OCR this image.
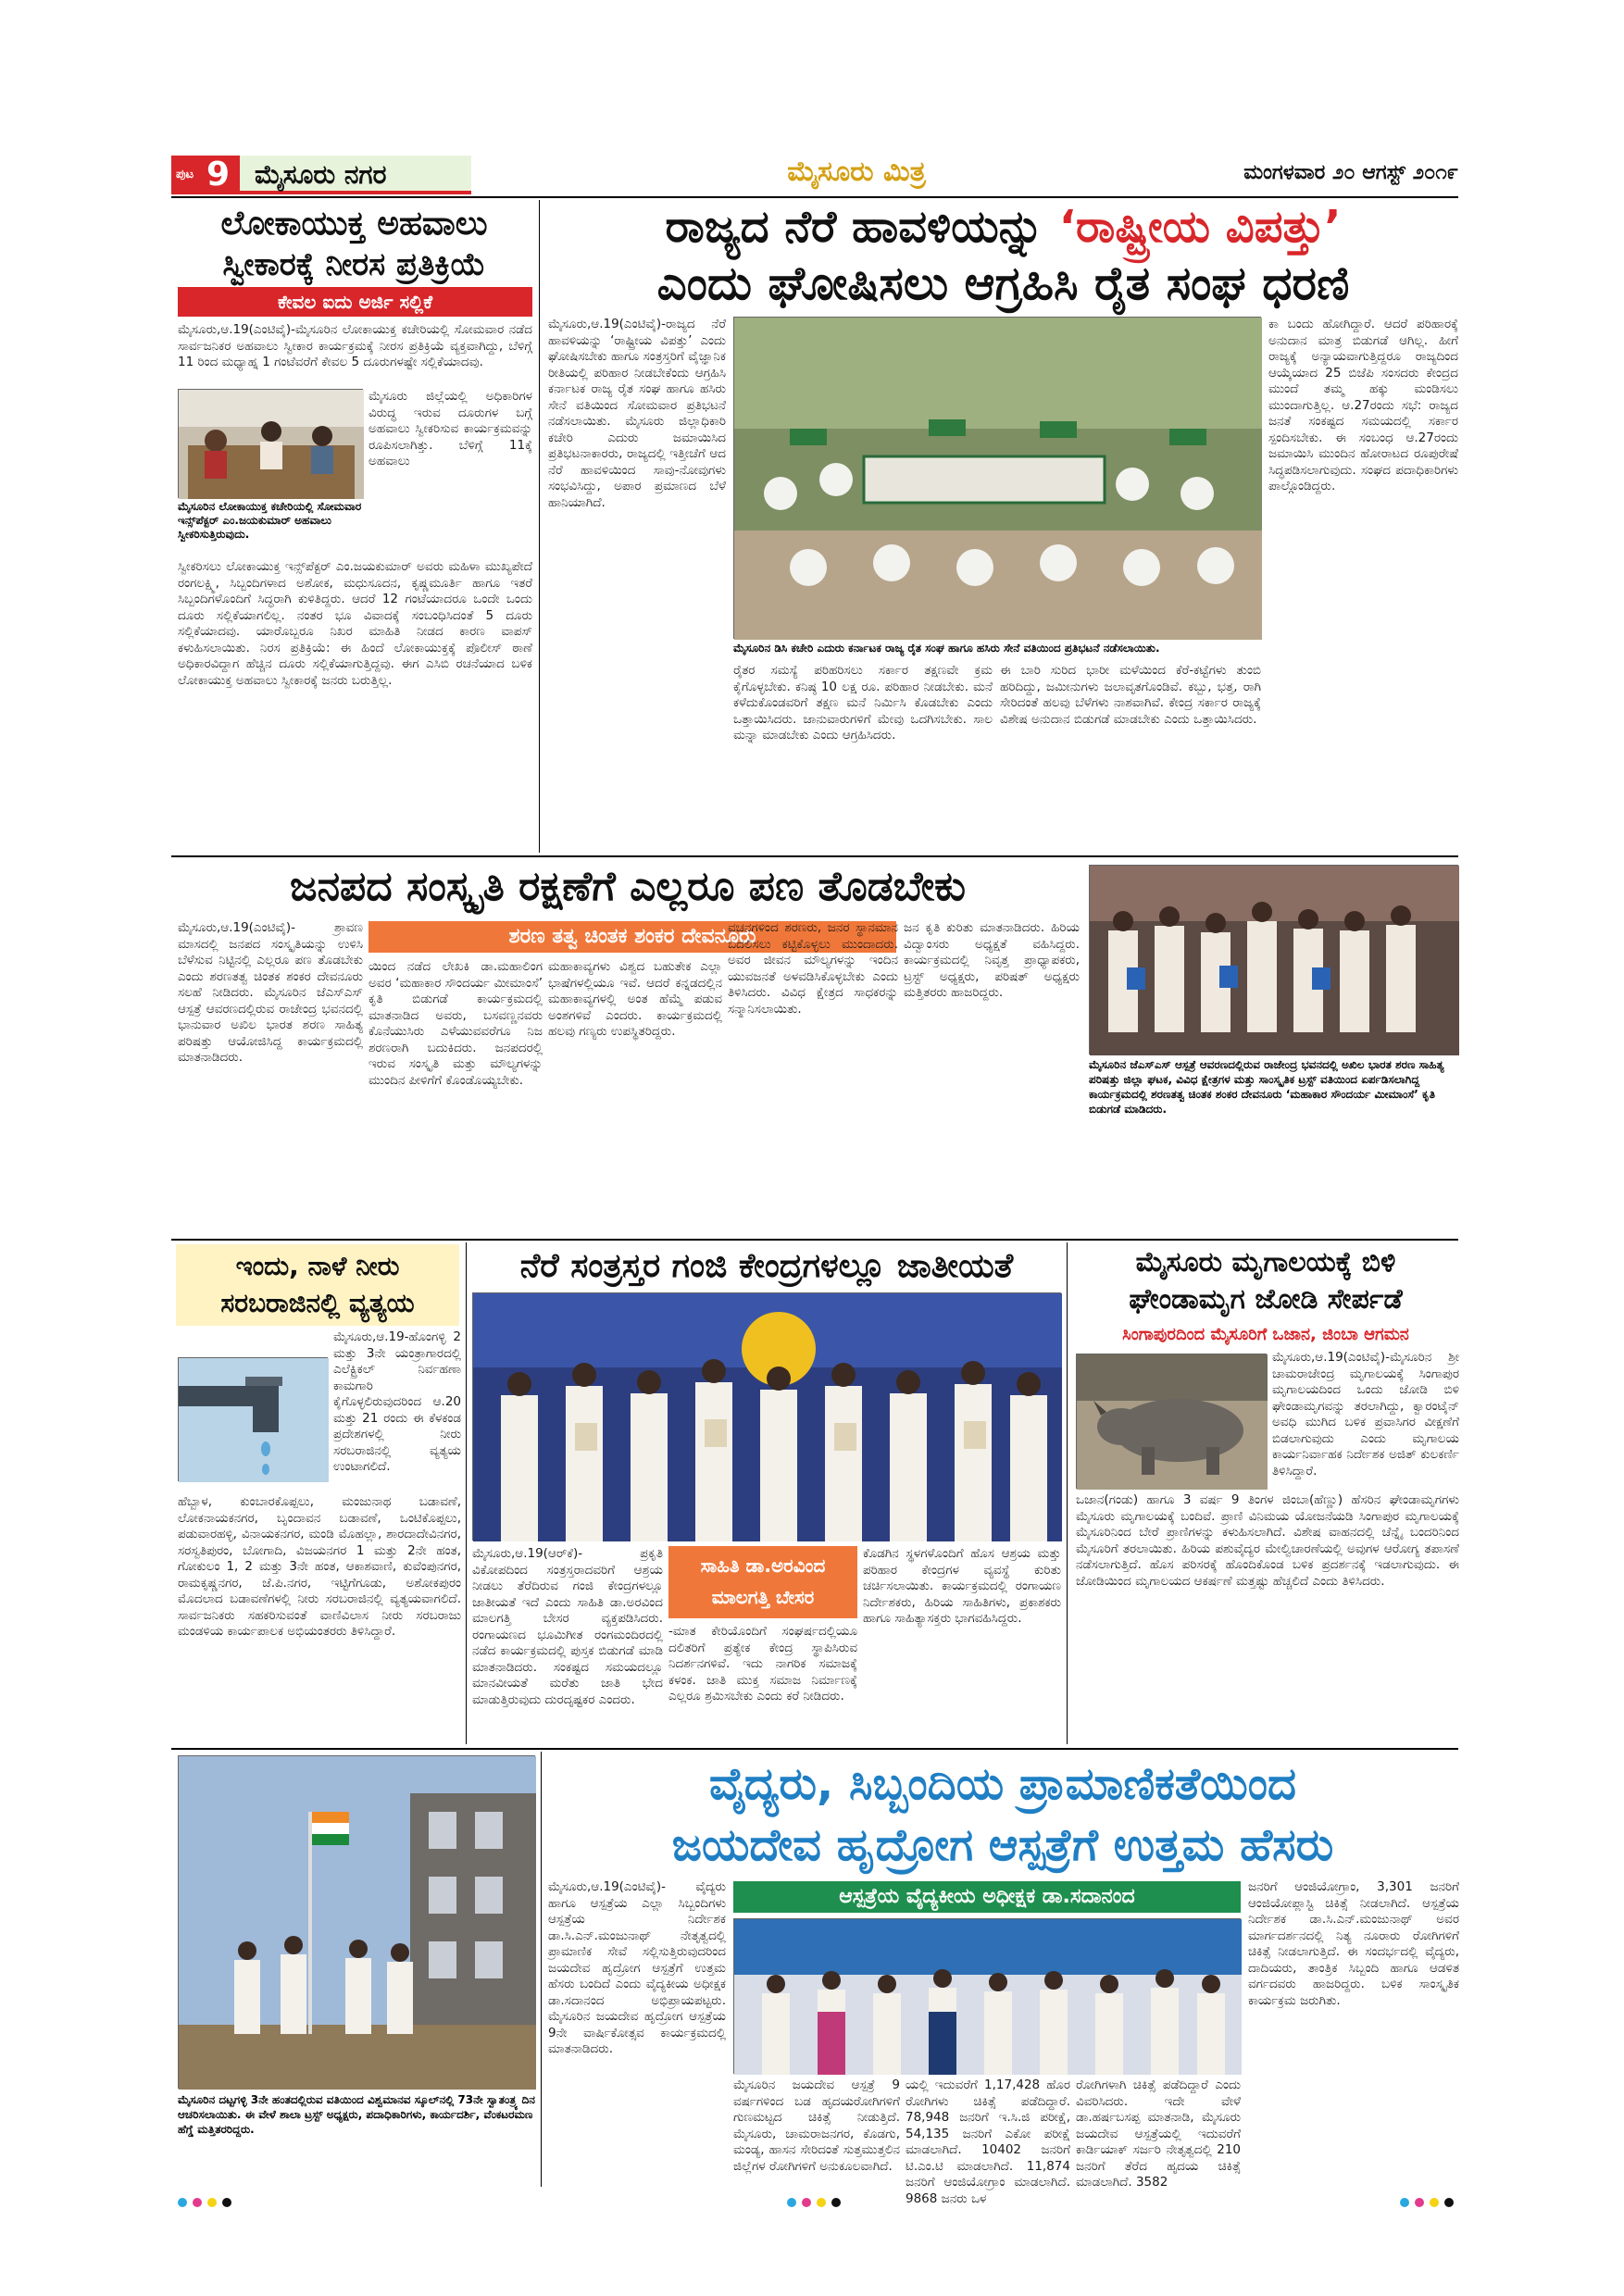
ಪುಟ 9 ಮೈಸೂರು ನಗರ	ಮೈಸೂರು ಮಿತ್ರ	ಮಂಗಳವಾರ ೨೦ ಆಗಸ್ಟ್ ೨೦೧೯
ಲೋಕಾಯುಕ್ತ ಅಹವಾಲು
ಸ್ವೀಕಾರಕ್ಕೆ ನೀರಸ ಪ್ರತಿಕ್ರಿಯೆ
ಕೇವಲ ಐದು ಅರ್ಜಿ ಸಲ್ಲಿಕೆ
ಮೈಸೂರು,ಆ.19(ಎಂಟಿವೈ)-ಮೈಸೂರಿನ ಲೋಕಾಯುಕ್ತ ಕಚೇರಿಯಲ್ಲಿ ಸೋಮವಾರ ನಡೆದ ಸಾರ್ವಜನಿಕರ ಅಹವಾಲು ಸ್ವೀಕಾರ ಕಾರ್ಯಕ್ರಮಕ್ಕೆ ನೀರಸ ಪ್ರತಿಕ್ರಿಯೆ ವ್ಯಕ್ತವಾಗಿದ್ದು, ಬೆಳಿಗ್ಗೆ 11 ರಿಂದ ಮಧ್ಯಾಹ್ನ 1 ಗಂಟೆವರೆಗೆ ಕೇವಲ 5 ದೂರುಗಳಷ್ಟೇ ಸಲ್ಲಿಕೆಯಾದವು.
ಮೈಸೂರು ಜಿಲ್ಲೆಯಲ್ಲಿ ಅಧಿಕಾರಿಗಳ ವಿರುದ್ಧ ಇರುವ ದೂರುಗಳ ಬಗ್ಗೆ ಅಹವಾಲು ಸ್ವೀಕರಿಸುವ ಕಾರ್ಯಕ್ರಮವನ್ನು ರೂಪಿಸಲಾಗಿತ್ತು. ಬೆಳಿಗ್ಗೆ 11ಕ್ಕೆ ಅಹವಾಲು
ಮೈಸೂರಿನ ಲೋಕಾಯುಕ್ತ ಕಚೇರಿಯಲ್ಲಿ ಸೋಮವಾರ ಇನ್ಸ್‌ಪೆಕ್ಟರ್ ಎಂ.ಜಯಕುಮಾರ್ ಅಹವಾಲು ಸ್ವೀಕರಿಸುತ್ತಿರುವುದು.
ಸ್ವೀಕರಿಸಲು ಲೋಕಾಯುಕ್ತ ಇನ್ಸ್‌ಪೆಕ್ಟರ್ ಎಂ.ಜಯಕುಮಾರ್ ಅವರು ಮಹಿಳಾ ಮುಖ್ಯಪೇದೆ ರಂಗಲಕ್ಷ್ಮಿ, ಸಿಬ್ಬಂದಿಗಳಾದ ಅಶೋಕ, ಮಧುಸೂದನ, ಕೃಷ್ಣಮೂರ್ತಿ ಹಾಗೂ ಇತರೆ ಸಿಬ್ಬಂದಿಗಳೊಂದಿಗೆ ಸಿದ್ಧರಾಗಿ ಕುಳಿತಿದ್ದರು. ಆದರೆ 12 ಗಂಟೆಯಾದರೂ ಒಂದೇ ಒಂದು ದೂರು ಸಲ್ಲಿಕೆಯಾಗಲಿಲ್ಲ. ನಂತರ ಭೂ ವಿವಾದಕ್ಕೆ ಸಂಬಂಧಿಸಿದಂತೆ 5 ದೂರು ಸಲ್ಲಿಕೆಯಾದವು. ಯಾರೊಬ್ಬರೂ ನಿಖರ ಮಾಹಿತಿ ನೀಡದ ಕಾರಣ ವಾಪಸ್ ಕಳುಹಿಸಲಾಯಿತು. ನಿರಸ ಪ್ರತಿಕ್ರಿಯೆ: ಈ ಹಿಂದೆ ಲೋಕಾಯುಕ್ತಕ್ಕೆ ಪೊಲೀಸ್ ಠಾಣೆ ಅಧಿಕಾರವಿದ್ದಾಗ ಹೆಚ್ಚಿನ ದೂರು ಸಲ್ಲಿಕೆಯಾಗುತ್ತಿದ್ದವು. ಈಗ ಎಸಿಬಿ ರಚನೆಯಾದ ಬಳಿಕ ಲೋಕಾಯುಕ್ತ ಅಹವಾಲು ಸ್ವೀಕಾರಕ್ಕೆ ಜನರು ಬರುತ್ತಿಲ್ಲ.
ರಾಜ್ಯದ ನೆರೆ ಹಾವಳಿಯನ್ನು ‘ರಾಷ್ಟ್ರೀಯ ವಿಪತ್ತು’
ಎಂದು ಘೋಷಿಸಲು ಆಗ್ರಹಿಸಿ ರೈತ ಸಂಘ ಧರಣಿ
ಮೈಸೂರು,ಆ.19(ಎಂಟಿವೈ)-ರಾಜ್ಯದ ನೆರೆ ಹಾವಳಿಯನ್ನು ‘ರಾಷ್ಟ್ರೀಯ ವಿಪತ್ತು’ ಎಂದು ಘೋಷಿಸಬೇಕು ಹಾಗೂ ಸಂತ್ರಸ್ತರಿಗೆ ವೈಜ್ಞಾನಿಕ ರೀತಿಯಲ್ಲಿ ಪರಿಹಾರ ನೀಡಬೇಕೆಂದು ಆಗ್ರಹಿಸಿ ಕರ್ನಾಟಕ ರಾಜ್ಯ ರೈತ ಸಂಘ ಹಾಗೂ ಹಸಿರು ಸೇನೆ ವತಿಯಿಂದ ಸೋಮವಾರ ಪ್ರತಿಭಟನೆ ನಡೆಸಲಾಯಿತು. ಮೈಸೂರು ಜಿಲ್ಲಾಧಿಕಾರಿ ಕಚೇರಿ ಎದುರು ಜಮಾಯಿಸಿದ ಪ್ರತಿಭಟನಾಕಾರರು, ರಾಜ್ಯದಲ್ಲಿ ಇತ್ತೀಚೆಗೆ ಆದ ನೆರೆ ಹಾವಳಿಯಿಂದ ಸಾವು-ನೋವುಗಳು ಸಂಭವಿಸಿದ್ದು, ಅಪಾರ ಪ್ರಮಾಣದ ಬೆಳೆ ಹಾನಿಯಾಗಿದೆ.
ಮೈಸೂರಿನ ಡಿಸಿ ಕಚೇರಿ ಎದುರು ಕರ್ನಾಟಕ ರಾಜ್ಯ ರೈತ ಸಂಘ ಹಾಗೂ ಹಸಿರು ಸೇನೆ ವತಿಯಿಂದ ಪ್ರತಿಭಟನೆ ನಡೆಸಲಾಯಿತು.
ರೈತರ ಸಮಸ್ಯೆ ಪರಿಹರಿಸಲು ಸರ್ಕಾರ ತಕ್ಷಣವೇ ಕ್ರಮ ಕೈಗೊಳ್ಳಬೇಕು. ಕನಿಷ್ಠ 10 ಲಕ್ಷ ರೂ. ಪರಿಹಾರ ನೀಡಬೇಕು. ಮನೆ ಕಳೆದುಕೊಂಡವರಿಗೆ ತಕ್ಷಣ ಮನೆ ನಿರ್ಮಿಸಿ ಕೊಡಬೇಕು ಎಂದು ಒತ್ತಾಯಿಸಿದರು. ಜಾನುವಾರುಗಳಿಗೆ ಮೇವು ಒದಗಿಸಬೇಕು. ಸಾಲ ಮನ್ನಾ ಮಾಡಬೇಕು ಎಂದು ಆಗ್ರಹಿಸಿದರು.
ಈ ಬಾರಿ ಸುರಿದ ಭಾರೀ ಮಳೆಯಿಂದ ಕೆರೆ-ಕಟ್ಟೆಗಳು ತುಂಬಿ ಹರಿದಿದ್ದು, ಜಮೀನುಗಳು ಜಲಾವೃತಗೊಂಡಿವೆ. ಕಬ್ಬು, ಭತ್ತ, ರಾಗಿ ಸೇರಿದಂತೆ ಹಲವು ಬೆಳೆಗಳು ನಾಶವಾಗಿವೆ. ಕೇಂದ್ರ ಸರ್ಕಾರ ರಾಜ್ಯಕ್ಕೆ ವಿಶೇಷ ಅನುದಾನ ಬಿಡುಗಡೆ ಮಾಡಬೇಕು ಎಂದು ಒತ್ತಾಯಿಸಿದರು.
ಕಾ ಬಂದು ಹೋಗಿದ್ದಾರೆ. ಆದರೆ ಪರಿಹಾರಕ್ಕೆ ಅನುದಾನ ಮಾತ್ರ ಬಿಡುಗಡೆ ಆಗಿಲ್ಲ. ಹೀಗೆ ರಾಜ್ಯಕ್ಕೆ ಅನ್ಯಾಯವಾಗುತ್ತಿದ್ದರೂ ರಾಜ್ಯದಿಂದ ಆಯ್ಕೆಯಾದ 25 ಬಿಜೆಪಿ ಸಂಸದರು ಕೇಂದ್ರದ ಮುಂದೆ ತಮ್ಮ ಹಕ್ಕು ಮಂಡಿಸಲು ಮುಂದಾಗುತ್ತಿಲ್ಲ. ಆ.27ರಂದು ಸಭೆ: ರಾಜ್ಯದ ಜನತೆ ಸಂಕಷ್ಟದ ಸಮಯದಲ್ಲಿ ಸರ್ಕಾರ ಸ್ಪಂದಿಸಬೇಕು. ಈ ಸಂಬಂಧ ಆ.27ರಂದು ಜಮಾಯಿಸಿ ಮುಂದಿನ ಹೋರಾಟದ ರೂಪುರೇಷೆ ಸಿದ್ಧಪಡಿಸಲಾಗುವುದು. ಸಂಘದ ಪದಾಧಿಕಾರಿಗಳು ಪಾಲ್ಗೊಂಡಿದ್ದರು.
ಜನಪದ ಸಂಸ್ಕೃತಿ ರಕ್ಷಣೆಗೆ ಎಲ್ಲರೂ ಪಣ ತೊಡಬೇಕು
ಶರಣ ತತ್ವ ಚಿಂತಕ ಶಂಕರ ದೇವನೂರು
ಮೈಸೂರು,ಆ.19(ಎಂಟಿವೈ)- ಶ್ರಾವಣ ಮಾಸದಲ್ಲಿ ಜನಪದ ಸಂಸ್ಕೃತಿಯನ್ನು ಉಳಿಸಿ ಬೆಳೆಸುವ ನಿಟ್ಟಿನಲ್ಲಿ ಎಲ್ಲರೂ ಪಣ ತೊಡಬೇಕು ಎಂದು ಶರಣತತ್ವ ಚಿಂತಕ ಶಂಕರ ದೇವನೂರು ಸಲಹೆ ನೀಡಿದರು. ಮೈಸೂರಿನ ಜೆಎಸ್‌ಎಸ್ ಆಸ್ಪತ್ರೆ ಆವರಣದಲ್ಲಿರುವ ರಾಜೇಂದ್ರ ಭವನದಲ್ಲಿ ಭಾನುವಾರ ಅಖಿಲ ಭಾರತ ಶರಣ ಸಾಹಿತ್ಯ ಪರಿಷತ್ತು ಆಯೋಜಿಸಿದ್ದ ಕಾರ್ಯಕ್ರಮದಲ್ಲಿ ಮಾತನಾಡಿದರು.
ಯಿಂದ ನಡೆದ ಲೇಖಕಿ ಡಾ.ಮಹಾಲಿಂಗ ಅವರ ‘ಮಹಾಕಾರ ಸೌಂದರ್ಯ ಮೀಮಾಂಸೆ’ ಕೃತಿ ಬಿಡುಗಡೆ ಕಾರ್ಯಕ್ರಮದಲ್ಲಿ ಮಾತನಾಡಿದ ಅವರು, ಬಸವಣ್ಣನವರು ಕೊನೆಯುಸಿರು ಎಳೆಯುವವರೆಗೂ ನಿಜ ಶರಣರಾಗಿ ಬದುಕಿದರು. ಜನಪದರಲ್ಲಿ ಇರುವ ಸಂಸ್ಕೃತಿ ಮತ್ತು ಮೌಲ್ಯಗಳನ್ನು ಮುಂದಿನ ಪೀಳಿಗೆಗೆ ಕೊಂಡೊಯ್ಯಬೇಕು.
ಮಹಾಕಾವ್ಯಗಳು ವಿಶ್ವದ ಬಹುತೇಕ ಎಲ್ಲಾ ಭಾಷೆಗಳಲ್ಲಿಯೂ ಇವೆ. ಆದರೆ ಕನ್ನಡದಲ್ಲಿನ ಮಹಾಕಾವ್ಯಗಳಲ್ಲಿ ಅಂತ ಹೆಮ್ಮೆ ಪಡುವ ಅಂಶಗಳಿವೆ ಎಂದರು. ಕಾರ್ಯಕ್ರಮದಲ್ಲಿ ಹಲವು ಗಣ್ಯರು ಉಪಸ್ಥಿತರಿದ್ದರು.
ವಚನಗಳಿಂದ ಶರಣರು, ಜನರ ಸ್ಥಾನಮಾನ ಬದಲಿಸಲು ಕಟ್ಟಿಕೊಳ್ಳಲು ಮುಂದಾದರು. ಅವರ ಜೀವನ ಮೌಲ್ಯಗಳನ್ನು ಇಂದಿನ ಯುವಜನತೆ ಅಳವಡಿಸಿಕೊಳ್ಳಬೇಕು ಎಂದು ತಿಳಿಸಿದರು. ವಿವಿಧ ಕ್ಷೇತ್ರದ ಸಾಧಕರನ್ನು ಸನ್ಮಾನಿಸಲಾಯಿತು.
ಜನ ಕೃತಿ ಕುರಿತು ಮಾತನಾಡಿದರು. ಹಿರಿಯ ವಿದ್ವಾಂಸರು ಅಧ್ಯಕ್ಷತೆ ವಹಿಸಿದ್ದರು. ಕಾರ್ಯಕ್ರಮದಲ್ಲಿ ನಿವೃತ್ತ ಪ್ರಾಧ್ಯಾಪಕರು, ಟ್ರಸ್ಟ್ ಅಧ್ಯಕ್ಷರು, ಪರಿಷತ್ ಅಧ್ಯಕ್ಷರು ಮತ್ತಿತರರು ಹಾಜರಿದ್ದರು.
ಮೈಸೂರಿನ ಜೆಎಸ್‌ಎಸ್ ಆಸ್ಪತ್ರೆ ಆವರಣದಲ್ಲಿರುವ ರಾಜೇಂದ್ರ ಭವನದಲ್ಲಿ ಅಖಿಲ ಭಾರತ ಶರಣ ಸಾಹಿತ್ಯ ಪರಿಷತ್ತು ಜಿಲ್ಲಾ ಘಟಕ, ವಿವಿಧ ಕ್ಷೇತ್ರಗಳ ಮತ್ತು ಸಾಂಸ್ಕೃತಿಕ ಟ್ರಸ್ಟ್ ವತಿಯಿಂದ ಏರ್ಪಡಿಸಲಾಗಿದ್ದ ಕಾರ್ಯಕ್ರಮದಲ್ಲಿ ಶರಣತತ್ವ ಚಿಂತಕ ಶಂಕರ ದೇವನೂರು ‘ಮಹಾಕಾರ ಸೌಂದರ್ಯ ಮೀಮಾಂಸೆ’ ಕೃತಿ ಬಿಡುಗಡೆ ಮಾಡಿದರು.
ಇಂದು, ನಾಳೆ ನೀರು
ಸರಬರಾಜಿನಲ್ಲಿ ವ್ಯತ್ಯಯ
ಮೈಸೂರು,ಆ.19-ಹೊಂಗಳ್ಳಿ 2 ಮತ್ತು 3ನೇ ಯಂತ್ರಾಗಾರದಲ್ಲಿ ಎಲೆಕ್ಟ್ರಿಕಲ್ ನಿರ್ವಹಣಾ ಕಾಮಗಾರಿ ಕೈಗೊಳ್ಳಲಿರುವುದರಿಂದ ಆ.20 ಮತ್ತು 21 ರಂದು ಈ ಕೆಳಕಂಡ ಪ್ರದೇಶಗಳಲ್ಲಿ ನೀರು ಸರಬರಾಜಿನಲ್ಲಿ ವ್ಯತ್ಯಯ ಉಂಟಾಗಲಿದೆ.
ಹೆಬ್ಬಾಳ, ಕುಂಬಾರಕೊಪ್ಪಲು, ಮಂಜುನಾಥ ಬಡಾವಣೆ, ಲೋಕನಾಯಕನಗರ, ಬೃಂದಾವನ ಬಡಾವಣೆ, ಒಂಟಿಕೊಪ್ಪಲು, ಪಡುವಾರಹಳ್ಳಿ, ವಿನಾಯಕನಗರ, ಮಂಡಿ ಮೊಹಲ್ಲಾ, ಶಾರದಾದೇವಿನಗರ, ಸರಸ್ವತಿಪುರಂ, ಬೋಗಾದಿ, ವಿಜಯನಗರ 1 ಮತ್ತು 2ನೇ ಹಂತ, ಗೋಕುಲಂ 1, 2 ಮತ್ತು 3ನೇ ಹಂತ, ಆಕಾಶವಾಣಿ, ಕುವೆಂಪುನಗರ, ರಾಮಕೃಷ್ಣನಗರ, ಜೆ.ಪಿ.ನಗರ, ಇಟ್ಟಿಗೆಗೂಡು, ಅಶೋಕಪುರಂ ಮೊದಲಾದ ಬಡಾವಣೆಗಳಲ್ಲಿ ನೀರು ಸರಬರಾಜಿನಲ್ಲಿ ವ್ಯತ್ಯಯವಾಗಲಿದೆ. ಸಾರ್ವಜನಿಕರು ಸಹಕರಿಸುವಂತೆ ವಾಣಿವಿಲಾಸ ನೀರು ಸರಬರಾಜು ಮಂಡಳಿಯ ಕಾರ್ಯಪಾಲಕ ಅಭಿಯಂತರರು ತಿಳಿಸಿದ್ದಾರೆ.
ನೆರೆ ಸಂತ್ರಸ್ತರ ಗಂಜಿ ಕೇಂದ್ರಗಳಲ್ಲೂ ಜಾತೀಯತೆ
ಮೈಸೂರು,ಆ.19(ಆರ್‌ಕೆ)- ಪ್ರಕೃತಿ ವಿಕೋಪದಿಂದ ಸಂತ್ರಸ್ತರಾದವರಿಗೆ ಆಶ್ರಯ ನೀಡಲು ತೆರೆದಿರುವ ಗಂಜಿ ಕೇಂದ್ರಗಳಲ್ಲೂ ಜಾತೀಯತೆ ಇದೆ ಎಂದು ಸಾಹಿತಿ ಡಾ.ಅರವಿಂದ ಮಾಲಗತ್ತಿ ಬೇಸರ ವ್ಯಕ್ತಪಡಿಸಿದರು. ರಂಗಾಯಣದ ಭೂಮಿಗೀತ ರಂಗಮಂದಿರದಲ್ಲಿ ನಡೆದ ಕಾರ್ಯಕ್ರಮದಲ್ಲಿ ಪುಸ್ತಕ ಬಿಡುಗಡೆ ಮಾಡಿ ಮಾತನಾಡಿದರು. ಸಂಕಷ್ಟದ ಸಮಯದಲ್ಲೂ ಮಾನವೀಯತೆ ಮರೆತು ಜಾತಿ ಭೇದ ಮಾಡುತ್ತಿರುವುದು ದುರದೃಷ್ಟಕರ ಎಂದರು.
ಸಾಹಿತಿ ಡಾ.ಅರವಿಂದ
ಮಾಲಗತ್ತಿ ಬೇಸರ
-ಮಾತ ಕೇರಿಯೊಂದಿಗೆ ಸಂಘರ್ಷದಲ್ಲಿಯೂ ದಲಿತರಿಗೆ ಪ್ರತ್ಯೇಕ ಕೇಂದ್ರ ಸ್ಥಾಪಿಸಿರುವ ನಿದರ್ಶನಗಳಿವೆ. ಇದು ನಾಗರಿಕ ಸಮಾಜಕ್ಕೆ ಕಳಂಕ. ಜಾತಿ ಮುಕ್ತ ಸಮಾಜ ನಿರ್ಮಾಣಕ್ಕೆ ಎಲ್ಲರೂ ಶ್ರಮಿಸಬೇಕು ಎಂದು ಕರೆ ನೀಡಿದರು.
ಕೊಡಗಿನ ಸ್ಥಳಗಳೊಂದಿಗೆ ಹೊಸ ಆಶ್ರಯ ಮತ್ತು ಪರಿಹಾರ ಕೇಂದ್ರಗಳ ವ್ಯವಸ್ಥೆ ಕುರಿತು ಚರ್ಚಿಸಲಾಯಿತು. ಕಾರ್ಯಕ್ರಮದಲ್ಲಿ ರಂಗಾಯಣ ನಿರ್ದೇಶಕರು, ಹಿರಿಯ ಸಾಹಿತಿಗಳು, ಪ್ರಕಾಶಕರು ಹಾಗೂ ಸಾಹಿತ್ಯಾಸಕ್ತರು ಭಾಗವಹಿಸಿದ್ದರು.
ಮೈಸೂರು ಮೃಗಾಲಯಕ್ಕೆ ಬಿಳಿ
ಘೇಂಡಾಮೃಗ ಜೋಡಿ ಸೇರ್ಪಡೆ
ಸಿಂಗಾಪುರದಿಂದ ಮೈಸೂರಿಗೆ ಒಜಾನ, ಜಿಂಬಾ ಆಗಮನ
ಮೈಸೂರು,ಆ.19(ಎಂಟಿವೈ)-ಮೈಸೂರಿನ ಶ್ರೀ ಚಾಮರಾಜೇಂದ್ರ ಮೃಗಾಲಯಕ್ಕೆ ಸಿಂಗಾಪುರ ಮೃಗಾಲಯದಿಂದ ಒಂದು ಜೋಡಿ ಬಿಳಿ ಘೇಂಡಾಮೃಗವನ್ನು ತರಲಾಗಿದ್ದು, ಕ್ವಾರಂಟೈನ್ ಅವಧಿ ಮುಗಿದ ಬಳಿಕ ಪ್ರವಾಸಿಗರ ವೀಕ್ಷಣೆಗೆ ಬಿಡಲಾಗುವುದು ಎಂದು ಮೃಗಾಲಯ ಕಾರ್ಯನಿರ್ವಾಹಕ ನಿರ್ದೇಶಕ ಅಜಿತ್ ಕುಲಕರ್ಣಿ ತಿಳಿಸಿದ್ದಾರೆ.
ಒಜಾನ(ಗಂಡು) ಹಾಗೂ 3 ವರ್ಷ 9 ತಿಂಗಳ ಜಿಂಬಾ(ಹೆಣ್ಣು) ಹೆಸರಿನ ಘೇಂಡಾಮೃಗಗಳು ಮೈಸೂರು ಮೃಗಾಲಯಕ್ಕೆ ಬಂದಿವೆ. ಪ್ರಾಣಿ ವಿನಿಮಯ ಯೋಜನೆಯಡಿ ಸಿಂಗಾಪುರ ಮೃಗಾಲಯಕ್ಕೆ ಮೈಸೂರಿನಿಂದ ಬೇರೆ ಪ್ರಾಣಿಗಳನ್ನು ಕಳುಹಿಸಲಾಗಿದೆ. ವಿಶೇಷ ವಾಹನದಲ್ಲಿ ಚೆನ್ನೈ ಬಂದರಿನಿಂದ ಮೈಸೂರಿಗೆ ತರಲಾಯಿತು. ಹಿರಿಯ ಪಶುವೈದ್ಯರ ಮೇಲ್ವಿಚಾರಣೆಯಲ್ಲಿ ಅವುಗಳ ಆರೋಗ್ಯ ತಪಾಸಣೆ ನಡೆಸಲಾಗುತ್ತಿದೆ. ಹೊಸ ಪರಿಸರಕ್ಕೆ ಹೊಂದಿಕೊಂಡ ಬಳಿಕ ಪ್ರದರ್ಶನಕ್ಕೆ ಇಡಲಾಗುವುದು. ಈ ಜೋಡಿಯಿಂದ ಮೃಗಾಲಯದ ಆಕರ್ಷಣೆ ಮತ್ತಷ್ಟು ಹೆಚ್ಚಲಿದೆ ಎಂದು ತಿಳಿಸಿದರು.
ಮೈಸೂರಿನ ದಟ್ಟಗಳ್ಳಿ 3ನೇ ಹಂತದಲ್ಲಿರುವ ವತಿಯಿಂದ ವಿಶ್ವಮಾನವ ಸ್ಕೂಲ್‌ನಲ್ಲಿ 73ನೇ ಸ್ವಾತಂತ್ರ್ಯ ದಿನ ಆಚರಿಸಲಾಯಿತು. ಈ ವೇಳೆ ಶಾಲಾ ಟ್ರಸ್ಟ್ ಅಧ್ಯಕ್ಷರು, ಪದಾಧಿಕಾರಿಗಳು, ಕಾರ್ಯದರ್ಶಿ, ವೆಂಕಟರಮಣ ಹೆಗ್ಡೆ ಮತ್ತಿತರರಿದ್ದರು.
ವೈದ್ಯರು, ಸಿಬ್ಬಂದಿಯ ಪ್ರಾಮಾಣಿಕತೆಯಿಂದ
ಜಯದೇವ ಹೃದ್ರೋಗ ಆಸ್ಪತ್ರೆಗೆ ಉತ್ತಮ ಹೆಸರು
ಆಸ್ಪತ್ರೆಯ ವೈದ್ಯಕೀಯ ಅಧೀಕ್ಷಕ ಡಾ.ಸದಾನಂದ
ಮೈಸೂರು,ಆ.19(ಎಂಟಿವೈ)- ವೈದ್ಯರು ಹಾಗೂ ಆಸ್ಪತ್ರೆಯ ಎಲ್ಲಾ ಸಿಬ್ಬಂದಿಗಳು ಆಸ್ಪತ್ರೆಯ ನಿರ್ದೇಶಕ ಡಾ.ಸಿ.ಎನ್.ಮಂಜುನಾಥ್ ನೇತೃತ್ವದಲ್ಲಿ ಪ್ರಾಮಾಣಿಕ ಸೇವೆ ಸಲ್ಲಿಸುತ್ತಿರುವುದರಿಂದ ಜಯದೇವ ಹೃದ್ರೋಗ ಆಸ್ಪತ್ರೆಗೆ ಉತ್ತಮ ಹೆಸರು ಬಂದಿದೆ ಎಂದು ವೈದ್ಯಕೀಯ ಅಧೀಕ್ಷಕ ಡಾ.ಸದಾನಂದ ಅಭಿಪ್ರಾಯಪಟ್ಟರು. ಮೈಸೂರಿನ ಜಯದೇವ ಹೃದ್ರೋಗ ಆಸ್ಪತ್ರೆಯ 9ನೇ ವಾರ್ಷಿಕೋತ್ಸವ ಕಾರ್ಯಕ್ರಮದಲ್ಲಿ ಮಾತನಾಡಿದರು.
ಮೈಸೂರಿನ ಜಯದೇವ ಆಸ್ಪತ್ರೆ 9 ವರ್ಷಗಳಿಂದ ಬಡ ಹೃದಯರೋಗಿಗಳಿಗೆ ಗುಣಮಟ್ಟದ ಚಿಕಿತ್ಸೆ ನೀಡುತ್ತಿದೆ. ಮೈಸೂರು, ಚಾಮರಾಜನಗರ, ಕೊಡಗು, ಮಂಡ್ಯ, ಹಾಸನ ಸೇರಿದಂತೆ ಸುತ್ತಮುತ್ತಲಿನ ಜಿಲ್ಲೆಗಳ ರೋಗಿಗಳಿಗೆ ಅನುಕೂಲವಾಗಿದೆ.
ಯಲ್ಲಿ ಇದುವರೆಗೆ 1,17,428 ಹೊರ ರೋಗಿಗಳು ಚಿಕಿತ್ಸೆ ಪಡೆದಿದ್ದಾರೆ. 78,948 ಜನರಿಗೆ ಇ.ಸಿ.ಜಿ ಪರೀಕ್ಷೆ, 54,135 ಜನರಿಗೆ ಎಕೋ ಪರೀಕ್ಷೆ ಮಾಡಲಾಗಿದೆ. 10402 ಜನರಿಗೆ ಟಿ.ಎಂ.ಟಿ ಮಾಡಲಾಗಿದೆ. 11,874 ಜನರಿಗೆ ಆಂಜಿಯೋಗ್ರಾಂ ಮಾಡಲಾಗಿದೆ. 9868 ಜನರು ಒಳ
ರೋಗಿಗಳಾಗಿ ಚಿಕಿತ್ಸೆ ಪಡೆದಿದ್ದಾರೆ ಎಂದು ವಿವರಿಸಿದರು. ಇದೇ ವೇಳೆ ಡಾ.ಹರ್ಷಬಸಪ್ಪ ಮಾತನಾಡಿ, ಮೈಸೂರು ಜಯದೇವ ಆಸ್ಪತ್ರೆಯಲ್ಲಿ ಇದುವರೆಗೆ ಕಾರ್ಡಿಯಾಕ್ ಸರ್ಜರಿ ನೇತೃತ್ವದಲ್ಲಿ 210 ಜನರಿಗೆ ತೆರೆದ ಹೃದಯ ಚಿಕಿತ್ಸೆ ಮಾಡಲಾಗಿದೆ. 3582
ಜನರಿಗೆ ಆಂಜಿಯೋಗ್ರಾಂ, 3,301 ಜನರಿಗೆ ಆಂಜಿಯೋಪ್ಲಾಸ್ಟಿ ಚಿಕಿತ್ಸೆ ನೀಡಲಾಗಿದೆ. ಆಸ್ಪತ್ರೆಯ ನಿರ್ದೇಶಕ ಡಾ.ಸಿ.ಎನ್.ಮಂಜುನಾಥ್ ಅವರ ಮಾರ್ಗದರ್ಶನದಲ್ಲಿ ನಿತ್ಯ ನೂರಾರು ರೋಗಿಗಳಿಗೆ ಚಿಕಿತ್ಸೆ ನೀಡಲಾಗುತ್ತಿದೆ. ಈ ಸಂದರ್ಭದಲ್ಲಿ ವೈದ್ಯರು, ದಾದಿಯರು, ತಾಂತ್ರಿಕ ಸಿಬ್ಬಂದಿ ಹಾಗೂ ಆಡಳಿತ ವರ್ಗದವರು ಹಾಜರಿದ್ದರು. ಬಳಿಕ ಸಾಂಸ್ಕೃತಿಕ ಕಾರ್ಯಕ್ರಮ ಜರುಗಿತು.
